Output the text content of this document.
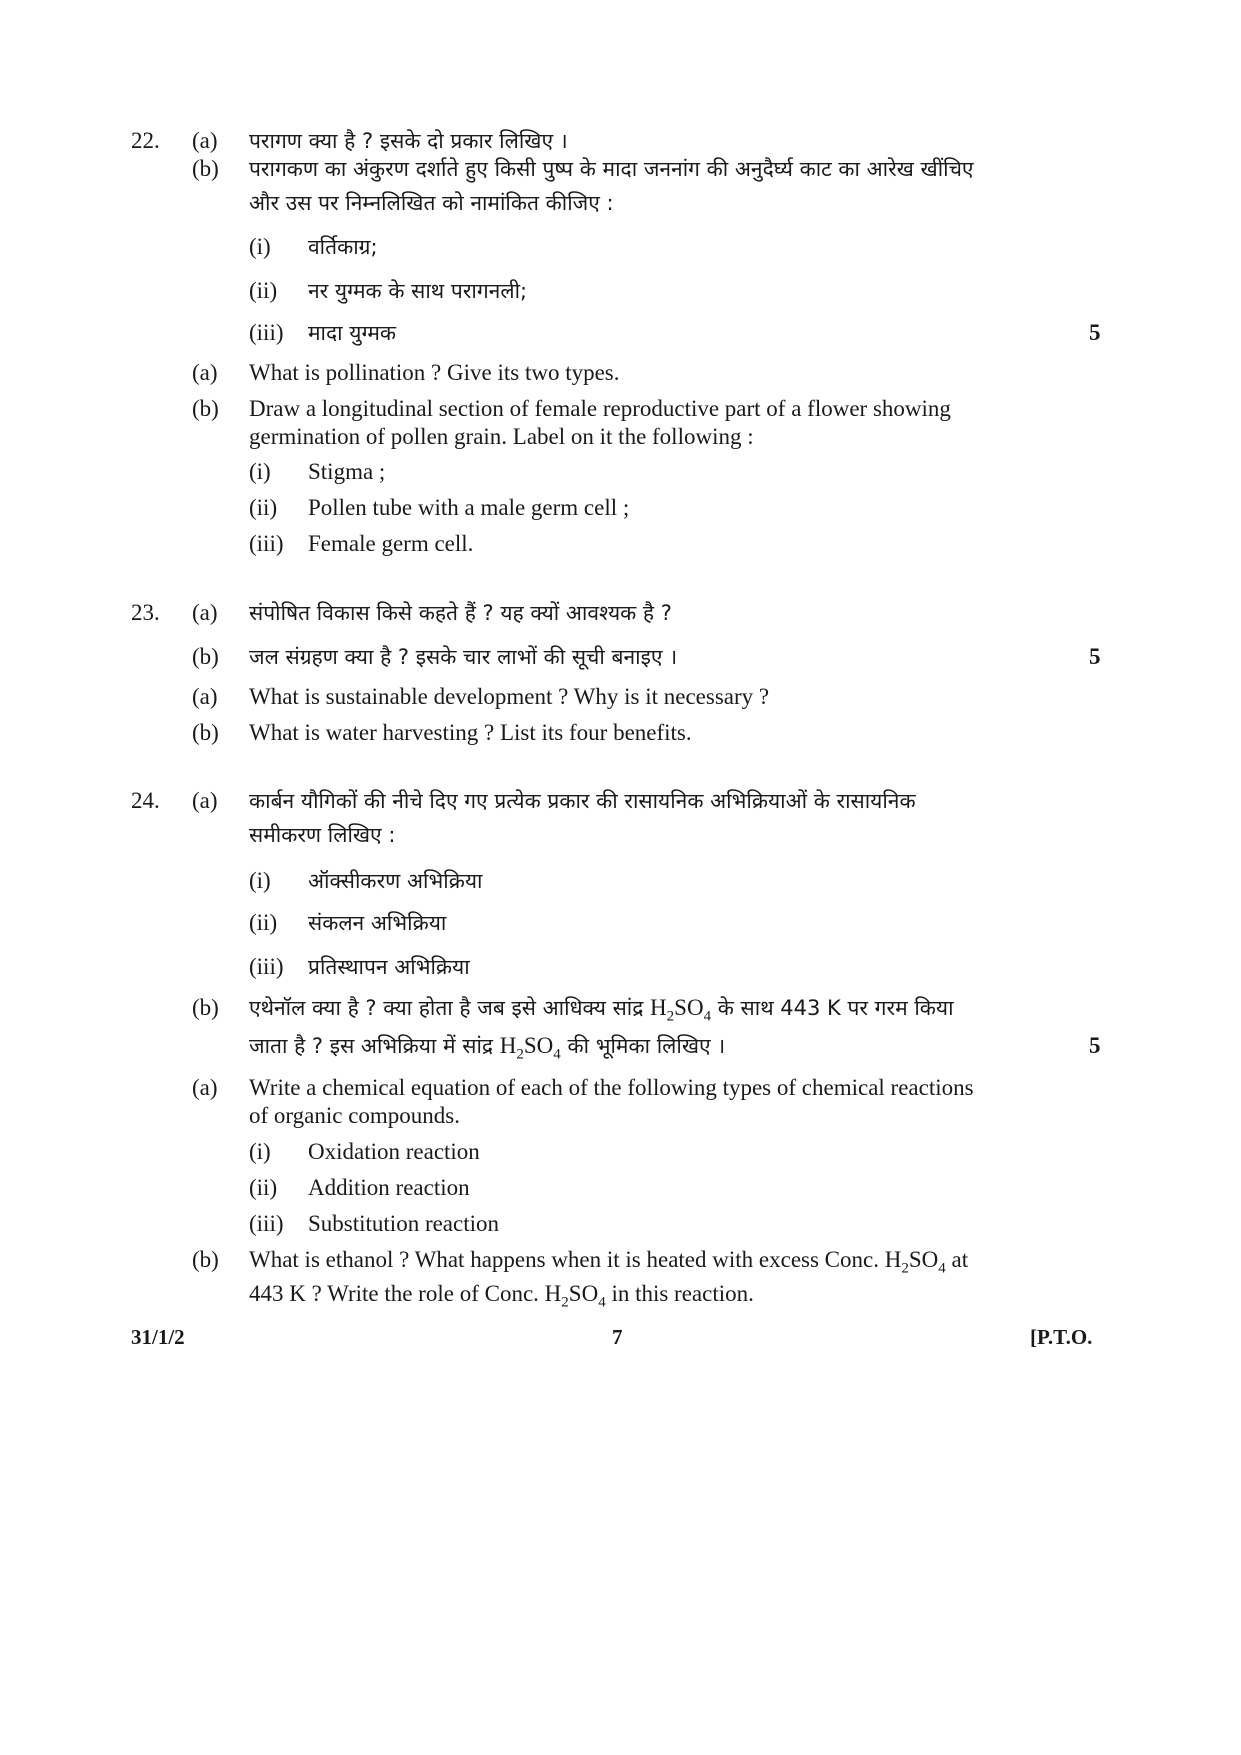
22. (a) परागण क्या है ? इसके दो प्रकार लिखिए ।
(b) परागकण का अंकुरण दर्शाते हुए किसी पुष्प के मादा जननांग की अनुदैर्घ्य काट का आरेख खींचिए
और उस पर निम्नलिखित को नामांकित कीजिए :
(i) वर्तिकाग्र;
(ii) नर युग्मक के साथ परागनली;
(iii) मादा युग्मक	5
(a) What is pollination ? Give its two types.
(b) Draw a longitudinal section of female reproductive part of a flower showing
germination of pollen grain. Label on it the following :
(i) Stigma ;
(ii) Pollen tube with a male germ cell ;
(iii) Female germ cell.
23. (a) संपोषित विकास किसे कहते हैं ? यह क्यों आवश्यक है ?
(b) जल संग्रहण क्या है ? इसके चार लाभों की सूची बनाइए ।	5
(a) What is sustainable development ? Why is it necessary ?
(b) What is water harvesting ? List its four benefits.
24. (a) कार्बन यौगिकों की नीचे दिए गए प्रत्येक प्रकार की रासायनिक अभिक्रियाओं के रासायनिक
समीकरण लिखिए :
(i) ऑक्सीकरण अभिक्रिया
(ii) संकलन अभिक्रिया
(iii) प्रतिस्थापन अभिक्रिया
(b) एथेनॉल क्या है ? क्या होता है जब इसे आधिक्य सांद्र $H_2SO_4$ के साथ 443 K पर गरम किया
जाता है ? इस अभिक्रिया में सांद्र $H_2SO_4$ की भूमिका लिखिए ।	5
(a) Write a chemical equation of each of the following types of chemical reactions
of organic compounds.
(i) Oxidation reaction
(ii) Addition reaction
(iii) Substitution reaction
(b) What is ethanol ? What happens when it is heated with excess Conc. $H_2SO_4$ at
443 K ? Write the role of Conc. $H_2SO_4$ in this reaction.
31/1/2	7	[P.T.O.
